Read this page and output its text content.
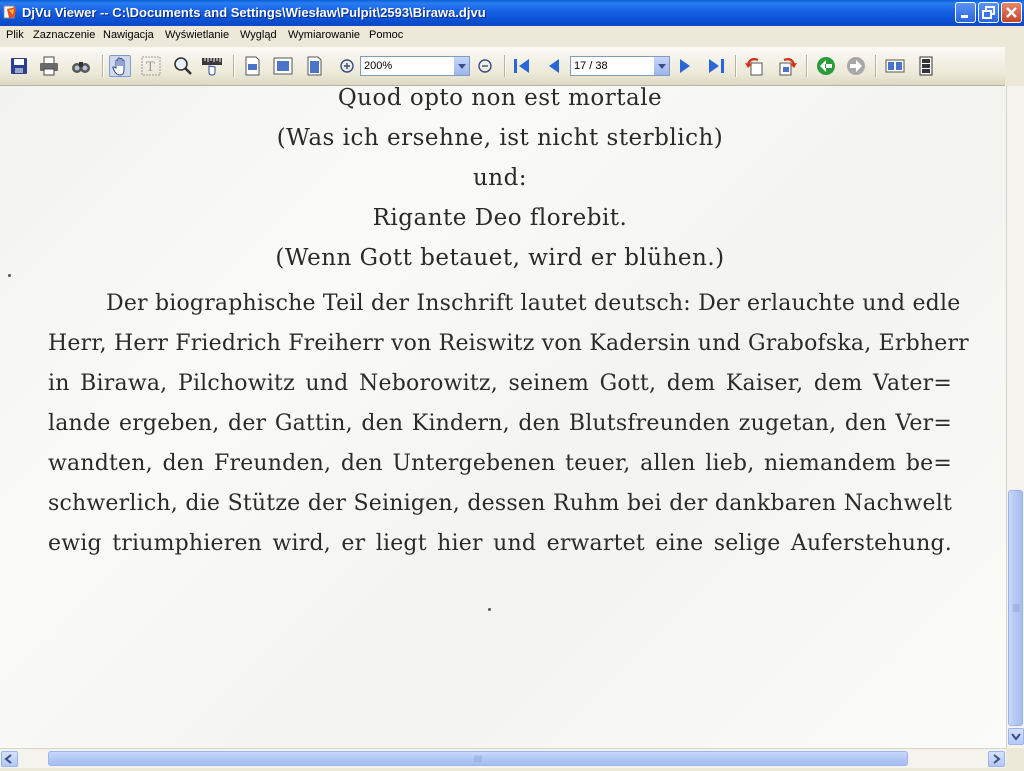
DjVu Viewer -- C:\Documents and Settings\Wiesław\Pulpit\2593\Birawa.djvu
Plik Zaznaczenie Nawigacja Wyświetlanie Wygląd Wymiarowanie Pomoc
T	200%	17 / 38
Quod opto non est mortale
(Was ich ersehne, ist nicht sterblich)
und:
Rigante Deo florebit.
(Wenn Gott betauet, wird er blühen.)
Der biographische Teil der Inschrift lautet deutsch: Der erlauchte und edle
Herr, Herr Friedrich Freiherr von Reiswitz von Kadersin und Grabofska, Erbherr
in Birawa, Pilchowitz und Neborowitz, seinem Gott, dem Kaiser, dem Vater=
lande ergeben, der Gattin, den Kindern, den Blutsfreunden zugetan, den Ver=
wandten, den Freunden, den Untergebenen teuer, allen lieb, niemandem be=
schwerlich, die Stütze der Seinigen, dessen Ruhm bei der dankbaren Nachwelt
ewig triumphieren wird, er liegt hier und erwartet eine selige Auferstehung.
